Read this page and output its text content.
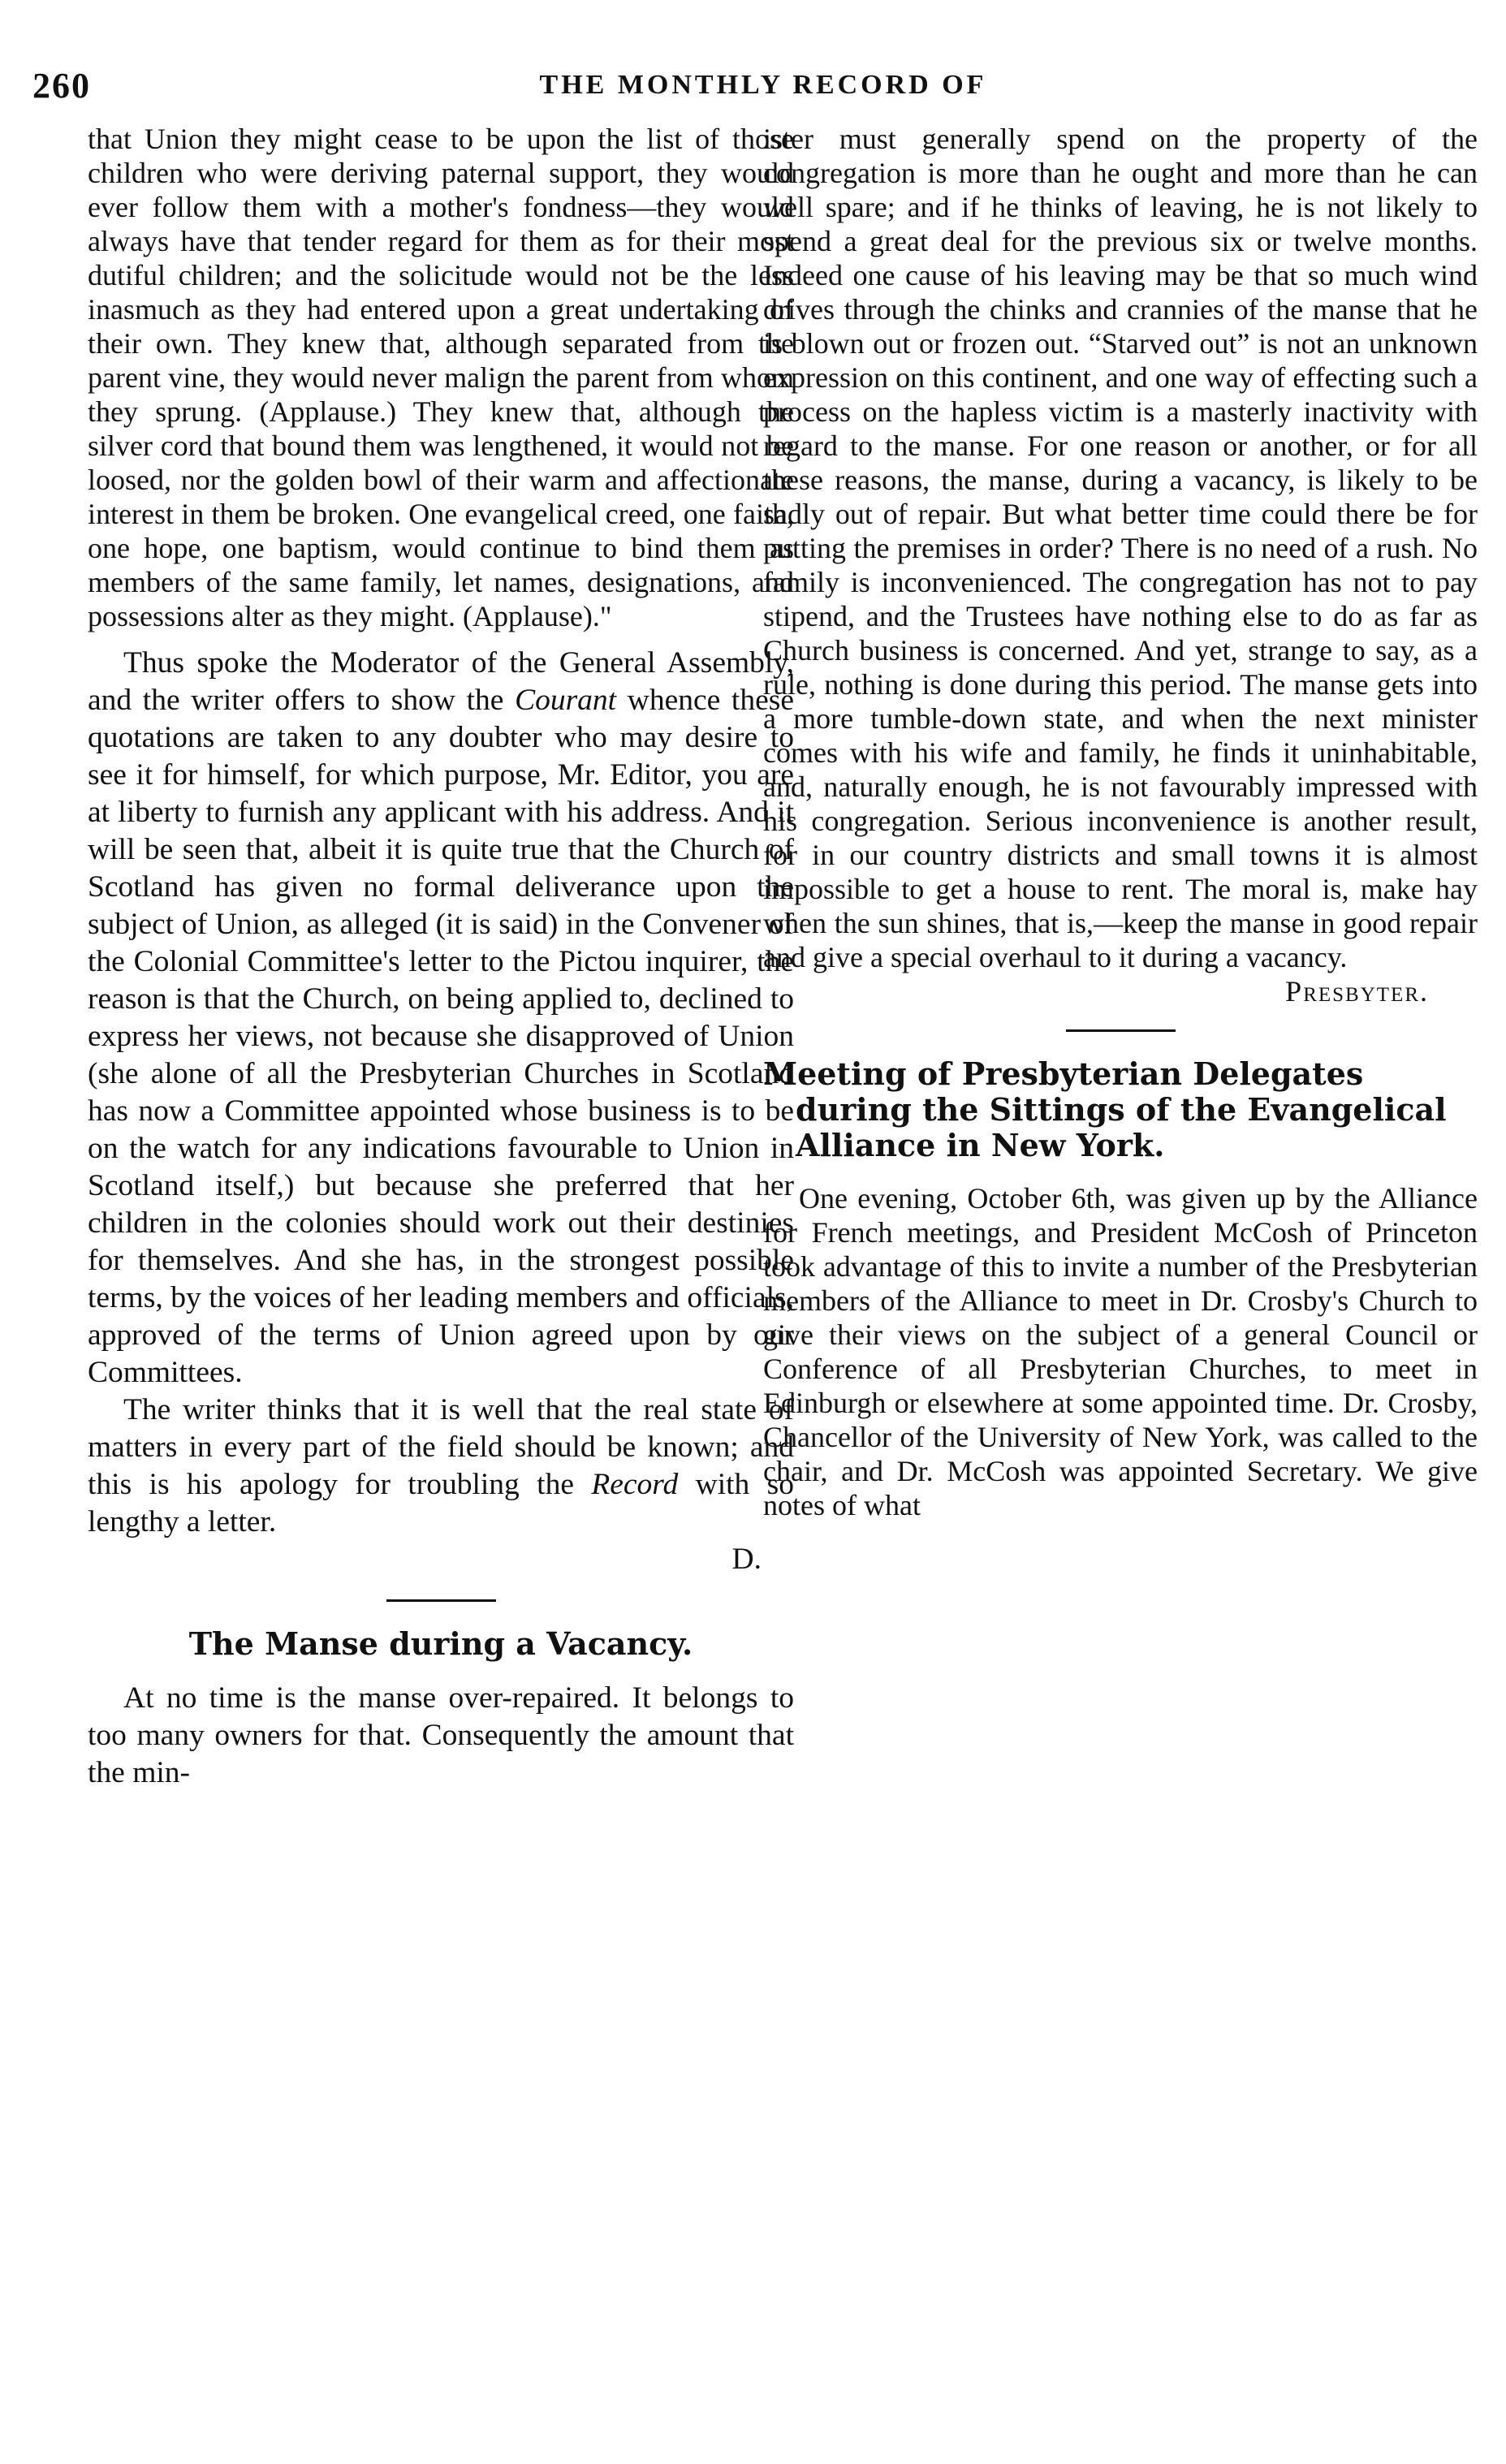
260	THE MONTHLY RECORD OF

that Union they might cease to be upon the list of those children who were deriving paternal support, they would ever follow them with a mother's fondness—they would always have that tender regard for them as for their most dutiful children; and the solicitude would not be the less inasmuch as they had entered upon a great undertaking of their own. They knew that, although separated from the parent vine, they would never malign the parent from whom they sprung. (Applause.) They knew that, although the silver cord that bound them was lengthened, it would not be loosed, nor the golden bowl of their warm and affectionate interest in them be broken. One evangelical creed, one faith, one hope, one baptism, would continue to bind them as members of the same family, let names, designations, and possessions alter as they might. (Applause)."

Thus spoke the Moderator of the General Assembly, and the writer offers to show the Courant whence these quotations are taken to any doubter who may desire to see it for himself, for which purpose, Mr. Editor, you are at liberty to furnish any applicant with his address. And it will be seen that, albeit it is quite true that the Church of Scotland has given no formal deliverance upon the subject of Union, as alleged (it is said) in the Convener of the Colonial Committee's letter to the Pictou inquirer, the reason is that the Church, on being applied to, declined to express her views, not because she disapproved of Union (she alone of all the Presbyterian Churches in Scotland has now a Committee appointed whose business is to be on the watch for any indications favourable to Union in Scotland itself,) but because she preferred that her children in the colonies should work out their destinies for themselves. And she has, in the strongest possible terms, by the voices of her leading members and officials, approved of the terms of Union agreed upon by our Committees.

The writer thinks that it is well that the real state of matters in every part of the field should be known; and this is his apology for troubling the Record with so lengthy a letter.

D.

The Manse during a Vacancy.

At no time is the manse over-repaired. It belongs to too many owners for that. Consequently the amount that the min-

ister must generally spend on the property of the congregation is more than he ought and more than he can well spare; and if he thinks of leaving, he is not likely to spend a great deal for the previous six or twelve months. Indeed one cause of his leaving may be that so much wind drives through the chinks and crannies of the manse that he is blown out or frozen out. “Starved out” is not an unknown expression on this continent, and one way of effecting such a process on the hapless victim is a masterly inactivity with regard to the manse. For one reason or another, or for all these reasons, the manse, during a vacancy, is likely to be sadly out of repair. But what better time could there be for putting the premises in order? There is no need of a rush. No family is inconvenienced. The congregation has not to pay stipend, and the Trustees have nothing else to do as far as Church business is concerned. And yet, strange to say, as a rule, nothing is done during this period. The manse gets into a more tumble-down state, and when the next minister comes with his wife and family, he finds it uninhabitable, and, naturally enough, he is not favourably impressed with his congregation. Serious inconvenience is another result, for in our country districts and small towns it is almost impossible to get a house to rent. The moral is, make hay when the sun shines, that is,—keep the manse in good repair and give a special overhaul to it during a vacancy.

Presbyter.

Meeting of Presbyterian Delegates
during the Sittings of the Evangelical Alliance in New York.

One evening, October 6th, was given up by the Alliance for French meetings, and President McCosh of Princeton took advantage of this to invite a number of the Presbyterian members of the Alliance to meet in Dr. Crosby's Church to give their views on the subject of a general Council or Conference of all Presbyterian Churches, to meet in Edinburgh or elsewhere at some appointed time. Dr. Crosby, Chancellor of the University of New York, was called to the chair, and Dr. McCosh was appointed Secretary. We give notes of what
